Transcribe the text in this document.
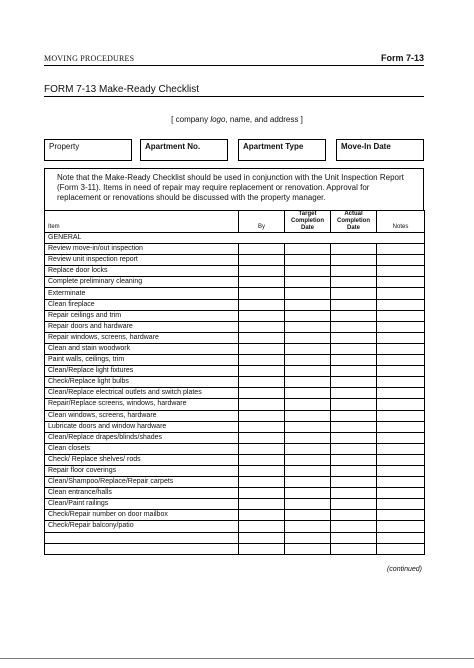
MOVING PROCEDURES	Form 7-13
FORM 7-13 Make-Ready Checklist
[ company logo, name, and address ]
Property	Apartment No.	Apartment Type	Move-In Date
Note that the Make-Ready Checklist should be used in conjunction with the Unit Inspection Report (Form 3-11). Items in need of repair may require replacement or renovation. Approval for replacement or renovations should be discussed with the property manager.
Item	By	Target Completion Date	Actual Completion Date	Notes
GENERAL				
Review move-in/out inspection				
Review unit inspection report				
Replace door locks				
Complete preliminary cleaning				
Exterminate				
Clean fireplace				
Repair ceilings and trim				
Repair doors and hardware				
Repair windows, screens, hardware				
Clean and stain woodwork				
Paint walls, ceilings, trim				
Clean/Replace light fixtures				
Check/Replace light bulbs				
Clean/Replace electrical outlets and switch plates				
Repair/Replace screens, windows, hardware				
Clean windows, screens, hardware				
Lubricate doors and window hardware				
Clean/Replace drapes/blinds/shades				
Clean closets				
Check/ Replace shelves/ rods				
Repair floor coverings				
Clean/Shampoo/Replace/Repair carpets				
Clean entrance/halls				
Clean/Paint railings				
Check/Repair number on door mailbox				
Check/Repair balcony/patio				

(continued)
